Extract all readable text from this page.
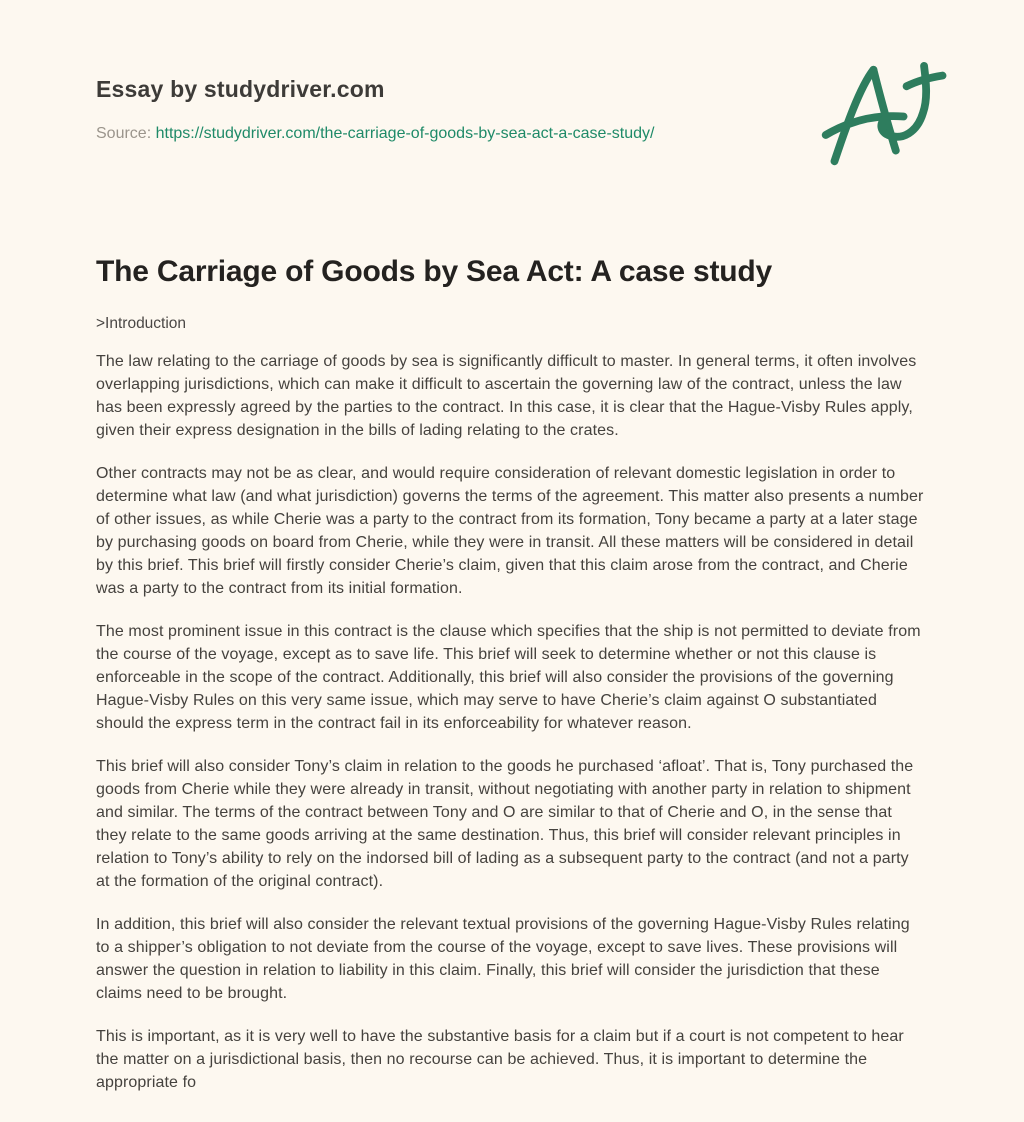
Essay by studydriver.com
Source: https://studydriver.com/the-carriage-of-goods-by-sea-act-a-case-study/
The Carriage of Goods by Sea Act: A case study
>Introduction

The law relating to the carriage of goods by sea is significantly difficult to master. In general terms, it often involves overlapping jurisdictions, which can make it difficult to ascertain the governing law of the contract, unless the law has been expressly agreed by the parties to the contract. In this case, it is clear that the Hague-Visby Rules apply, given their express designation in the bills of lading relating to the crates.

Other contracts may not be as clear, and would require consideration of relevant domestic legislation in order to determine what law (and what jurisdiction) governs the terms of the agreement. This matter also presents a number of other issues, as while Cherie was a party to the contract from its formation, Tony became a party at a later stage by purchasing goods on board from Cherie, while they were in transit. All these matters will be considered in detail by this brief. This brief will firstly consider Cherie’s claim, given that this claim arose from the contract, and Cherie was a party to the contract from its initial formation.

The most prominent issue in this contract is the clause which specifies that the ship is not permitted to deviate from the course of the voyage, except as to save life. This brief will seek to determine whether or not this clause is enforceable in the scope of the contract. Additionally, this brief will also consider the provisions of the governing Hague-Visby Rules on this very same issue, which may serve to have Cherie’s claim against O substantiated should the express term in the contract fail in its enforceability for whatever reason.

This brief will also consider Tony’s claim in relation to the goods he purchased ‘afloat’. That is, Tony purchased the goods from Cherie while they were already in transit, without negotiating with another party in relation to shipment and similar. The terms of the contract between Tony and O are similar to that of Cherie and O, in the sense that they relate to the same goods arriving at the same destination. Thus, this brief will consider relevant principles in relation to Tony’s ability to rely on the indorsed bill of lading as a subsequent party to the contract (and not a party at the formation of the original contract).

In addition, this brief will also consider the relevant textual provisions of the governing Hague-Visby Rules relating to a shipper’s obligation to not deviate from the course of the voyage, except to save lives. These provisions will answer the question in relation to liability in this claim. Finally, this brief will consider the jurisdiction that these claims need to be brought.

This is important, as it is very well to have the substantive basis for a claim but if a court is not competent to hear the matter on a jurisdictional basis, then no recourse can be achieved. Thus, it is important to determine the appropriate fo
